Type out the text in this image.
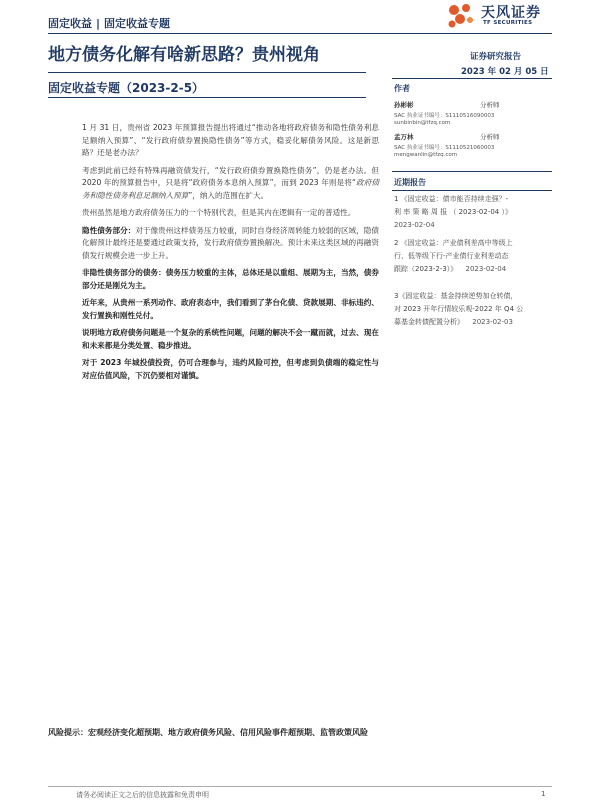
固定收益 | 固定收益专题
天风证券
TF SECURITIES
地方债务化解有啥新思路？贵州视角	证券研究报告
2023 年 02 月 05 日
固定收益专题（2023-2-5）	作者
孙彬彬	分析师
SAC 执业证书编号：S1110516090003
sunbinbin@tfzq.com
孟万林	分析师
SAC 执业证书编号：S1110521060003
mengwanlin@tfzq.com
近期报告
1 《固定收益：债市能否持续走强？-
利 率 策 略 周 报 （ 2023-02-04 ）》
2023-02-04
2 《固定收益：产业债利差高中等级上
行、低等级下行-产业债行业利差动态
跟踪（2023-2-3）》 2023-02-04
3《固定收益：基金持续逆势加仓转债，
对 2023 开年行情较乐观-2022 年 Q4 公
募基金转债配置分析》 2023-02-03

1 月 31 日，贵州省 2023 年预算报告提出将通过“推动各地将政府债务和隐性债务利息足额纳入预算”、“发行政府债券置换隐性债务”等方式，稳妥化解债务风险。这是新思路？还是老办法？

考虑到此前已经有特殊再融资债发行，“发行政府债券置换隐性债务”，仍是老办法。但 2020 年的预算报告中，只是将“政府债务本息纳入预算”，而到 2023 年则是将“政府债务和隐性债务利息足额纳入预算”，纳入的范围在扩大。

贵州虽然是地方政府债务压力的一个特别代表，但是其内在逻辑有一定的普适性。

隐性债务部分：对于像贵州这样债务压力较重，同时自身经济周转能力较弱的区域，隐债化解预计最终还是要通过政策支持，发行政府债券置换解决。预计未来这类区域的再融资债发行规模会进一步上升。

非隐性债务部分的债务：债务压力较重的主体，总体还是以重组、展期为主，当然，债券部分还是刚兑为主。

近年来，从贵州一系列动作、政府表态中，我们看到了茅台化债、贷款展期、非标违约、发行置换和刚性兑付。

说明地方政府债务问题是一个复杂的系统性问题，问题的解决不会一蹴而就，过去、现在和未来都是分类处置、稳步推进。

对于 2023 年城投债投资，仍可合理参与，违约风险可控，但考虑到负债端的稳定性与对应估值风险，下沉仍要相对谨慎。

风险提示：宏观经济变化超预期、地方政府债务风险、信用风险事件超预期、监管政策风险
请务必阅读正文之后的信息披露和免责申明	1
